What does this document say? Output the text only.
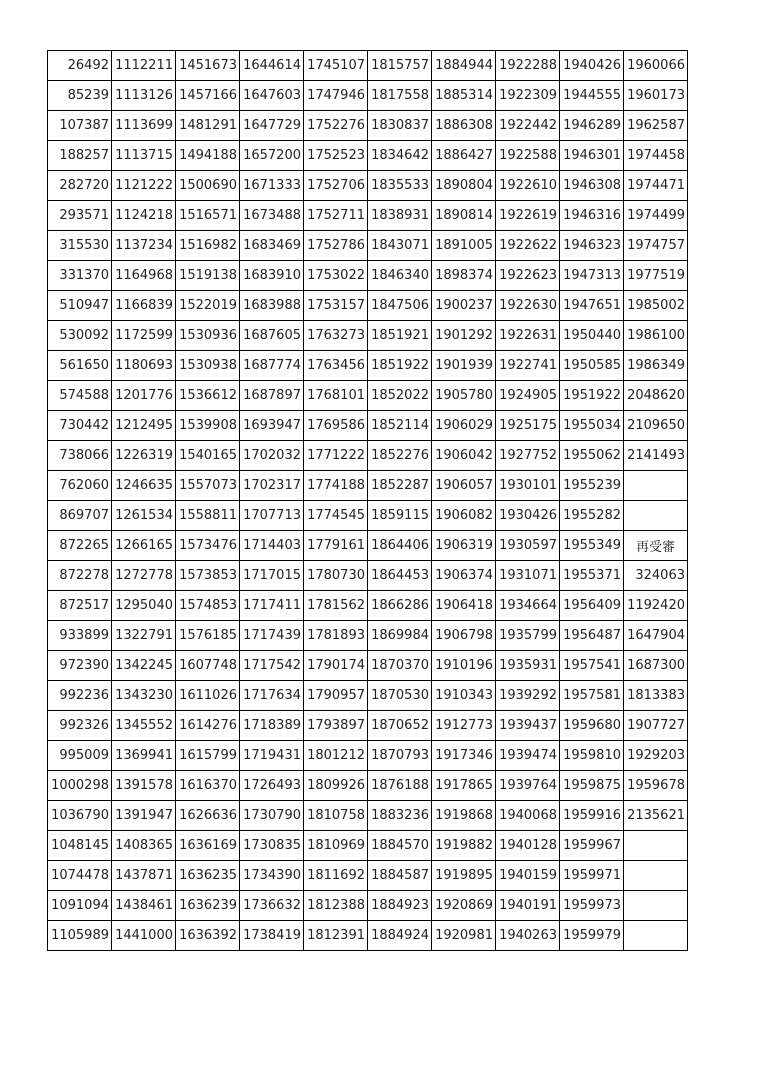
26492	1112211	1451673	1644614	1745107	1815757	1884944	1922288	1940426	1960066
85239	1113126	1457166	1647603	1747946	1817558	1885314	1922309	1944555	1960173
107387	1113699	1481291	1647729	1752276	1830837	1886308	1922442	1946289	1962587
188257	1113715	1494188	1657200	1752523	1834642	1886427	1922588	1946301	1974458
282720	1121222	1500690	1671333	1752706	1835533	1890804	1922610	1946308	1974471
293571	1124218	1516571	1673488	1752711	1838931	1890814	1922619	1946316	1974499
315530	1137234	1516982	1683469	1752786	1843071	1891005	1922622	1946323	1974757
331370	1164968	1519138	1683910	1753022	1846340	1898374	1922623	1947313	1977519
510947	1166839	1522019	1683988	1753157	1847506	1900237	1922630	1947651	1985002
530092	1172599	1530936	1687605	1763273	1851921	1901292	1922631	1950440	1986100
561650	1180693	1530938	1687774	1763456	1851922	1901939	1922741	1950585	1986349
574588	1201776	1536612	1687897	1768101	1852022	1905780	1924905	1951922	2048620
730442	1212495	1539908	1693947	1769586	1852114	1906029	1925175	1955034	2109650
738066	1226319	1540165	1702032	1771222	1852276	1906042	1927752	1955062	2141493
762060	1246635	1557073	1702317	1774188	1852287	1906057	1930101	1955239	
869707	1261534	1558811	1707713	1774545	1859115	1906082	1930426	1955282	
872265	1266165	1573476	1714403	1779161	1864406	1906319	1930597	1955349	再受審
872278	1272778	1573853	1717015	1780730	1864453	1906374	1931071	1955371	324063
872517	1295040	1574853	1717411	1781562	1866286	1906418	1934664	1956409	1192420
933899	1322791	1576185	1717439	1781893	1869984	1906798	1935799	1956487	1647904
972390	1342245	1607748	1717542	1790174	1870370	1910196	1935931	1957541	1687300
992236	1343230	1611026	1717634	1790957	1870530	1910343	1939292	1957581	1813383
992326	1345552	1614276	1718389	1793897	1870652	1912773	1939437	1959680	1907727
995009	1369941	1615799	1719431	1801212	1870793	1917346	1939474	1959810	1929203
1000298	1391578	1616370	1726493	1809926	1876188	1917865	1939764	1959875	1959678
1036790	1391947	1626636	1730790	1810758	1883236	1919868	1940068	1959916	2135621
1048145	1408365	1636169	1730835	1810969	1884570	1919882	1940128	1959967	
1074478	1437871	1636235	1734390	1811692	1884587	1919895	1940159	1959971	
1091094	1438461	1636239	1736632	1812388	1884923	1920869	1940191	1959973	
1105989	1441000	1636392	1738419	1812391	1884924	1920981	1940263	1959979	
